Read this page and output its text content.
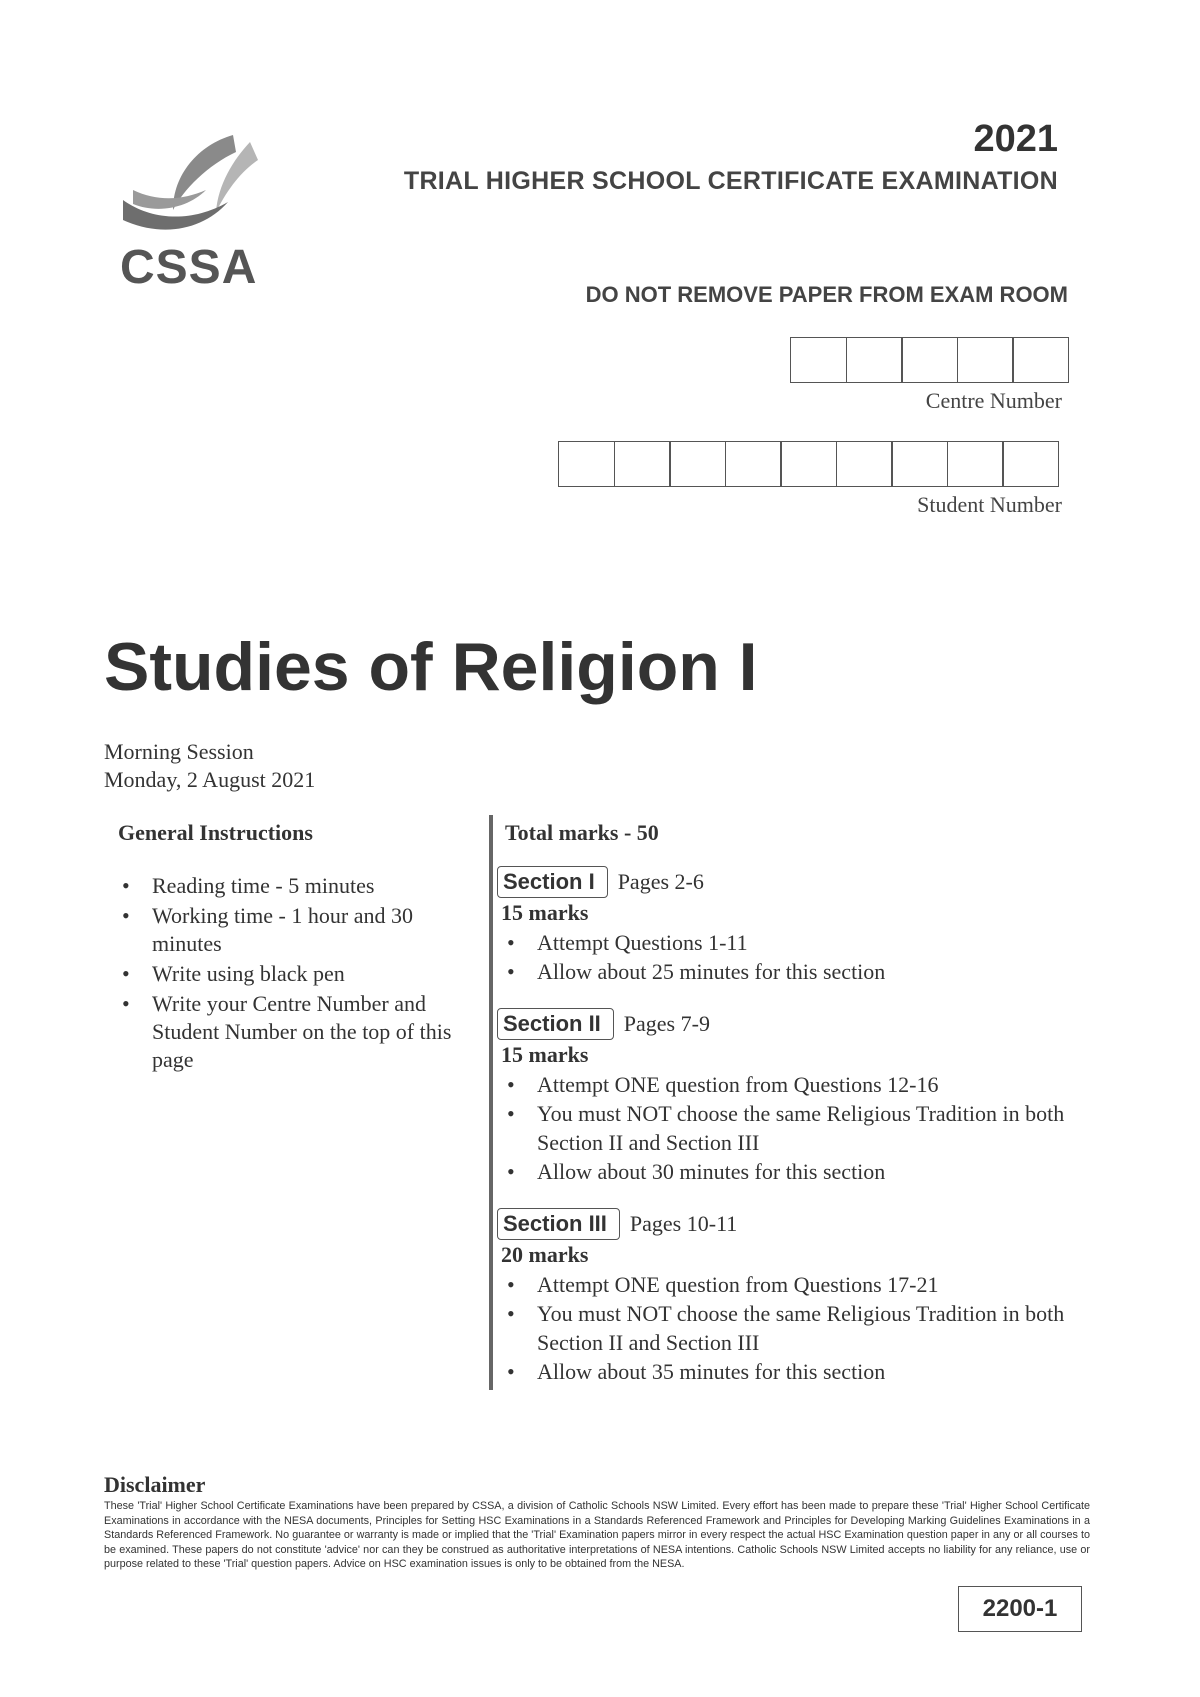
CSSA
2021
TRIAL HIGHER SCHOOL CERTIFICATE EXAMINATION
DO NOT REMOVE PAPER FROM EXAM ROOM
Centre Number
Student Number
Studies of Religion I
Morning Session
Monday, 2 August 2021
General Instructions
• Reading time - 5 minutes
• Working time - 1 hour and 30 minutes
• Write using black pen
• Write your Centre Number and Student Number on the top of this page
Total marks - 50
Section I	Pages 2-6
15 marks
• Attempt Questions 1-11
• Allow about 25 minutes for this section
Section II	Pages 7-9
15 marks
• Attempt ONE question from Questions 12-16
• You must NOT choose the same Religious Tradition in both Section II and Section III
• Allow about 30 minutes for this section
Section III	Pages 10-11
20 marks
• Attempt ONE question from Questions 17-21
• You must NOT choose the same Religious Tradition in both Section II and Section III
• Allow about 35 minutes for this section
Disclaimer
These 'Trial' Higher School Certificate Examinations have been prepared by CSSA, a division of Catholic Schools NSW Limited. Every effort has been made to prepare these 'Trial' Higher School Certificate Examinations in accordance with the NESA documents, Principles for Setting HSC Examinations in a Standards Referenced Framework and Principles for Developing Marking Guidelines Examinations in a Standards Referenced Framework. No guarantee or warranty is made or implied that the 'Trial' Examination papers mirror in every respect the actual HSC Examination question paper in any or all courses to be examined. These papers do not constitute 'advice' nor can they be construed as authoritative interpretations of NESA intentions. Catholic Schools NSW Limited accepts no liability for any reliance, use or purpose related to these 'Trial' question papers. Advice on HSC examination issues is only to be obtained from the NESA.
2200-1
